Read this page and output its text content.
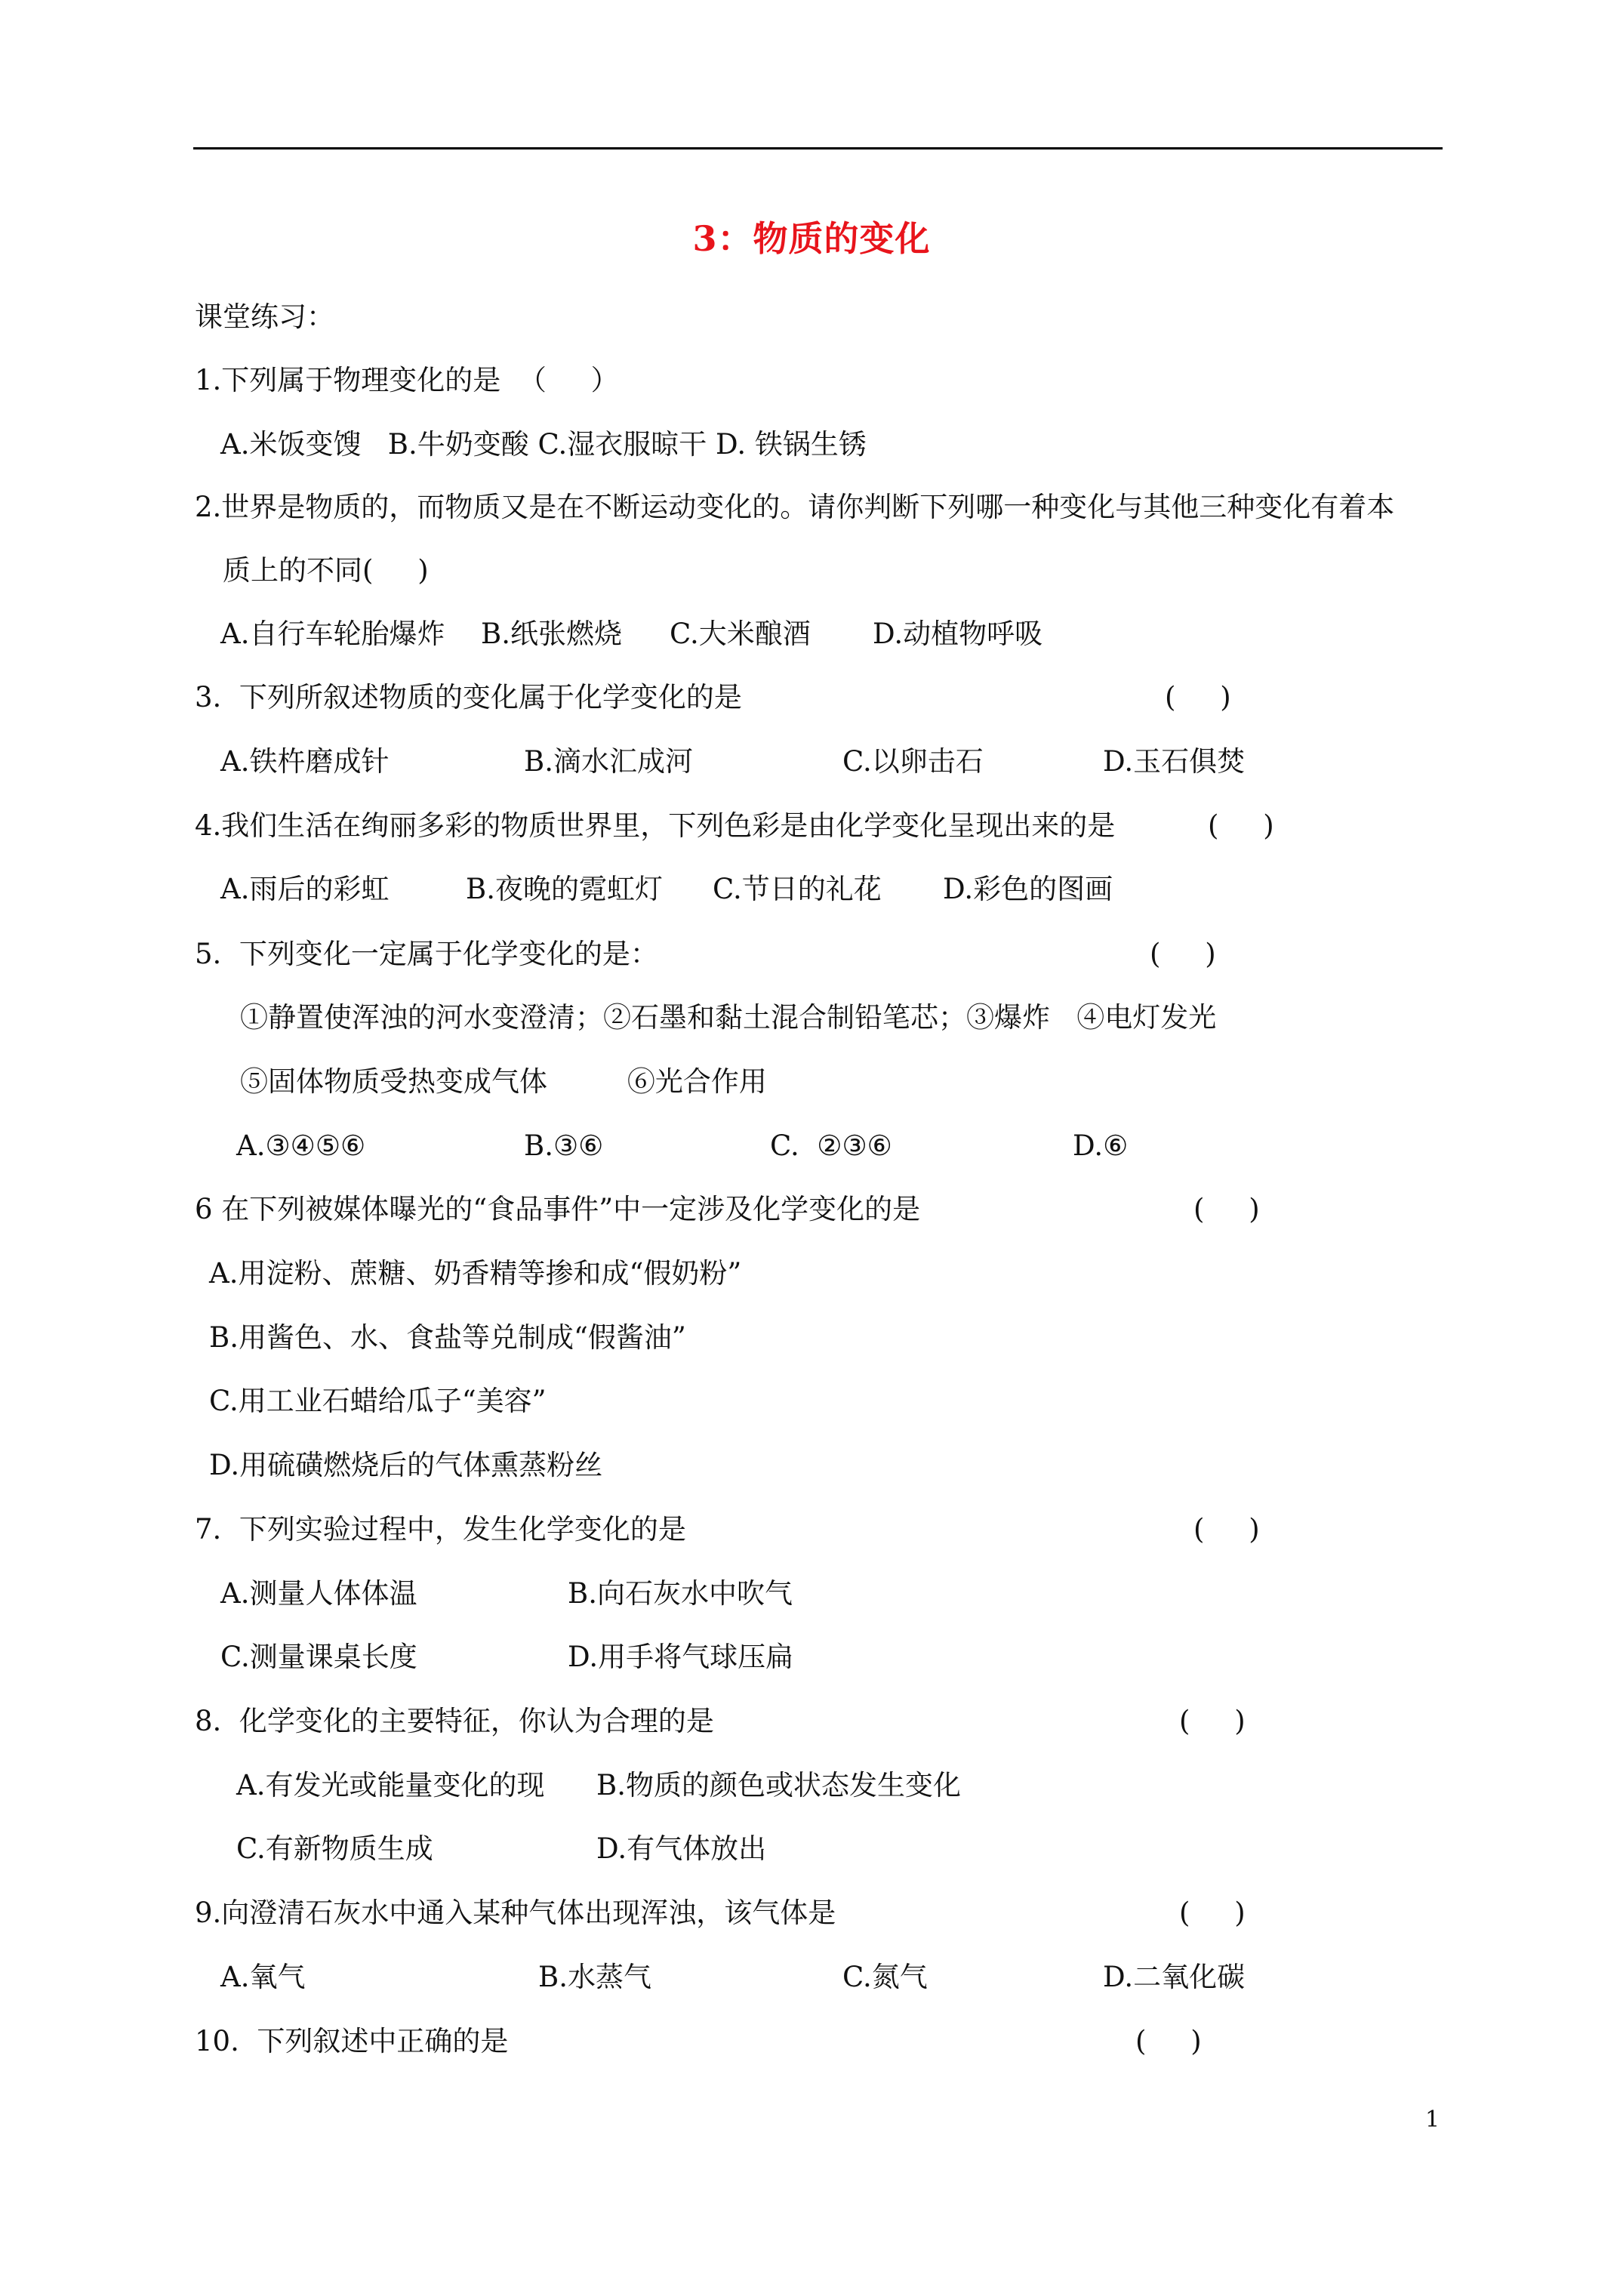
3：物质的变化
课堂练习：
1.下列属于物理变化的是  （     ）
A.米饭变馊   B.牛奶变酸 C.湿衣服晾干 D. 铁锅生锈
2.世界是物质的，而物质又是在不断运动变化的。请你判断下列哪一种变化与其他三种变化有着本
质上的不同(     )
A.自行车轮胎爆炸 B.纸张燃烧 C.大米酿酒 D.动植物呼吸
3.  下列所叙述物质的变化属于化学变化的是	(     )
A.铁杵磨成针	B.滴水汇成河	C.以卵击石	D.玉石俱焚
4.我们生活在绚丽多彩的物质世界里，下列色彩是由化学变化呈现出来的是	(     )
A.雨后的彩虹	B.夜晚的霓虹灯 C.节日的礼花 D.彩色的图画
5.  下列变化一定属于化学变化的是：	(     )
①静置使浑浊的河水变澄清；②石墨和黏土混合制铅笔芯；③爆炸   ④电灯发光
⑤固体物质受热变成气体         ⑥光合作用
A.③④⑤⑥	B.③⑥	C.  ②③⑥	D.⑥
6 在下列被媒体曝光的“食品事件”中一定涉及化学变化的是	(     )
A.用淀粉、蔗糖、奶香精等掺和成“假奶粉”
B.用酱色、水、食盐等兑制成“假酱油”
C.用工业石蜡给瓜子“美容”
D.用硫磺燃烧后的气体熏蒸粉丝
7.  下列实验过程中，发生化学变化的是	(     )
A.测量人体体温	B.向石灰水中吹气
C.测量课桌长度	D.用手将气球压扁
8.  化学变化的主要特征，你认为合理的是	(     )
A.有发光或能量变化的现 B.物质的颜色或状态发生变化
C.有新物质生成	D.有气体放出
9.向澄清石灰水中通入某种气体出现浑浊，该气体是	(     )
A.氧气	B.水蒸气	C.氮气	D.二氧化碳
10.  下列叙述中正确的是	(     )
1
